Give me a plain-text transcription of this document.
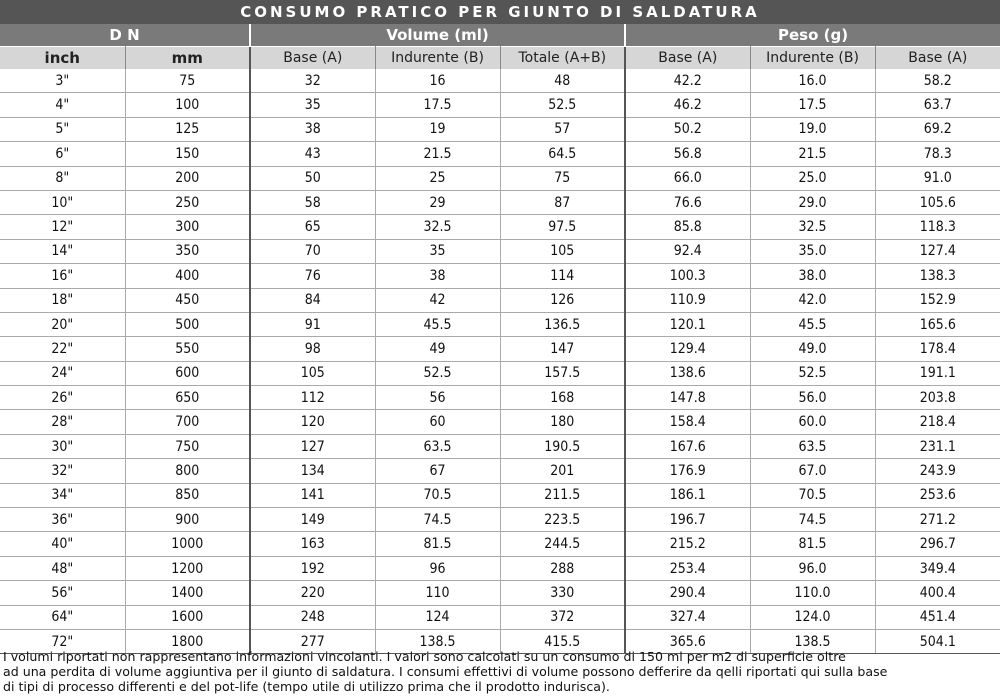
CONSUMO PRATICO PER GIUNTO DI SALDATURA
D N		Volume (ml)			Peso (g)		
inch	mm	Base (A)	Indurente (B)	Totale (A+B)	Base (A)	Indurente (B)	Base (A)
3"	75	32	16	48	42.2	16.0	58.2
4"	100	35	17.5	52.5	46.2	17.5	63.7
5"	125	38	19	57	50.2	19.0	69.2
6"	150	43	21.5	64.5	56.8	21.5	78.3
8"	200	50	25	75	66.0	25.0	91.0
10"	250	58	29	87	76.6	29.0	105.6
12"	300	65	32.5	97.5	85.8	32.5	118.3
14"	350	70	35	105	92.4	35.0	127.4
16"	400	76	38	114	100.3	38.0	138.3
18"	450	84	42	126	110.9	42.0	152.9
20"	500	91	45.5	136.5	120.1	45.5	165.6
22"	550	98	49	147	129.4	49.0	178.4
24"	600	105	52.5	157.5	138.6	52.5	191.1
26"	650	112	56	168	147.8	56.0	203.8
28"	700	120	60	180	158.4	60.0	218.4
30"	750	127	63.5	190.5	167.6	63.5	231.1
32"	800	134	67	201	176.9	67.0	243.9
34"	850	141	70.5	211.5	186.1	70.5	253.6
36"	900	149	74.5	223.5	196.7	74.5	271.2
40"	1000	163	81.5	244.5	215.2	81.5	296.7
48"	1200	192	96	288	253.4	96.0	349.4
56"	1400	220	110	330	290.4	110.0	400.4
64"	1600	248	124	372	327.4	124.0	451.4
72"	1800	277	138.5	415.5	365.6	138.5	504.1
I volumi riportati non rappresentano informazioni vincolanti. I valori sono calcolati su un consumo di 150 ml per m2 di superficie oltre
ad una perdita di volume aggiuntiva per il giunto di saldatura. I consumi effettivi di volume possono defferire da qelli riportati qui sulla base
di tipi di processo differenti e del pot-life (tempo utile di utilizzo prima che il prodotto indurisca).
